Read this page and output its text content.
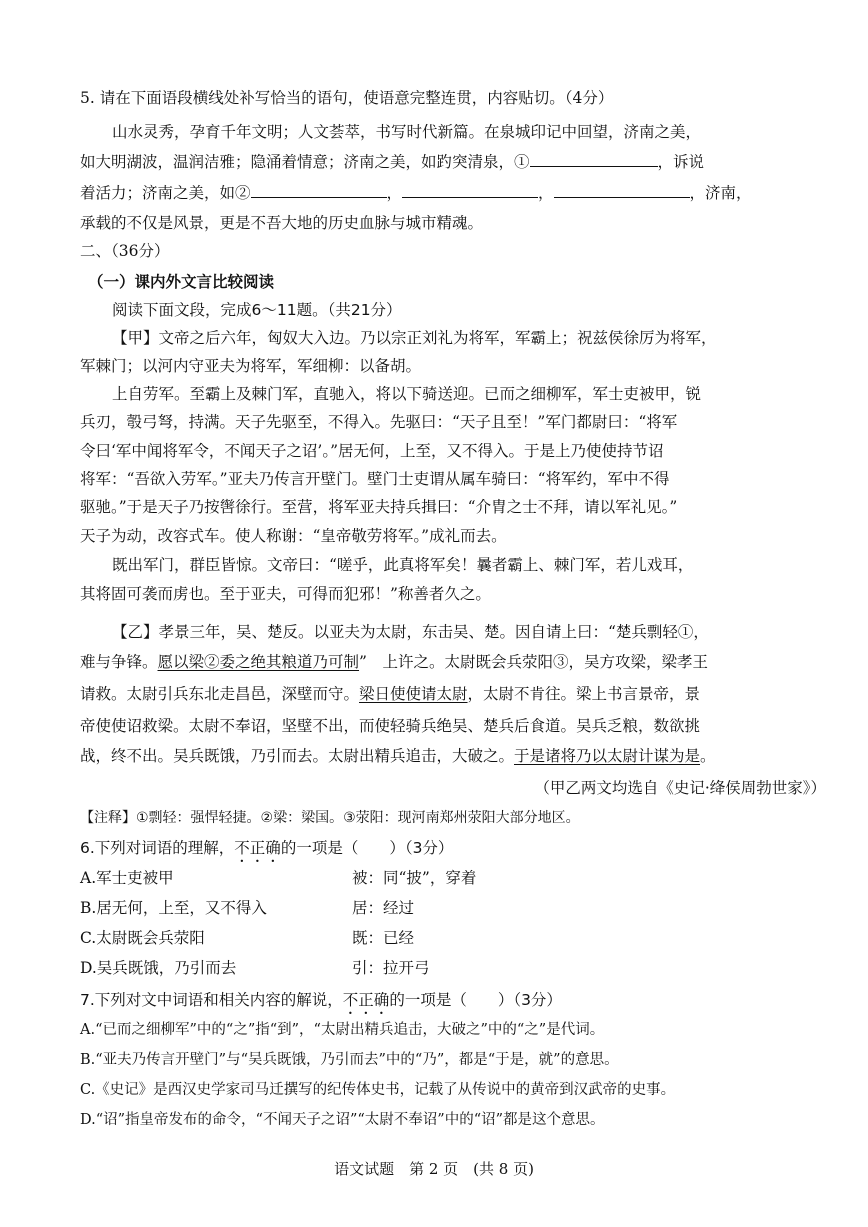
5. 请在下面语段横线处补写恰当的语句，使语意完整连贯，内容贴切。（4分）
山水灵秀，孕育千年文明；人文荟萃，书写时代新篇。在泉城印记中回望，济南之美，
如大明湖波，温润洁雅；隐涌着情意；济南之美，如趵突清泉，①	，诉说
着活力；济南之美，如②	，	，	，济南，
承载的不仅是风景，更是不吾大地的历史血脉与城市精魂。
二、（36分）
（一）课内外文言比较阅读
阅读下面文段，完成6～11题。（共21分）
【甲】文帝之后六年，匈奴大入边。乃以宗正刘礼为将军，军霸上；祝兹侯徐厉为将军，
军棘门；以河内守亚夫为将军，军细柳：以备胡。
上自劳军。至霸上及棘门军，直驰入，将以下骑送迎。已而之细柳军，军士吏被甲，锐
兵刃，彀弓弩，持满。天子先驱至，不得入。先驱曰：“天子且至！”军门都尉曰：“将军
令曰‘军中闻将军令，不闻天子之诏’。”居无何，上至，又不得入。于是上乃使使持节诏
将军：“吾欲入劳军。”亚夫乃传言开壁门。壁门士吏谓从属车骑曰：“将军约，军中不得
驱驰。”于是天子乃按辔徐行。至营，将军亚夫持兵揖曰：“介胄之士不拜，请以军礼见。”
天子为动，改容式车。使人称谢：“皇帝敬劳将军。”成礼而去。
既出军门，群臣皆惊。文帝曰：“嗟乎，此真将军矣！曩者霸上、棘门军，若儿戏耳，
其将固可袭而虏也。至于亚夫，可得而犯邪！”称善者久之。
【乙】孝景三年，吴、楚反。以亚夫为太尉，东击吴、楚。因自请上曰：“楚兵剽轻①，
难与争锋。愿以梁②委之绝其粮道乃可制”　上许之。太尉既会兵荥阳③，吴方攻梁，梁孝王
请救。太尉引兵东北走昌邑，深壁而守。梁日使使请太尉，太尉不肯往。梁上书言景帝，景
帝使使诏救梁。太尉不奉诏，坚壁不出，而使轻骑兵绝吴、楚兵后食道。吴兵乏粮，数欲挑
战，终不出。吴兵既饿，乃引而去。太尉出精兵追击，大破之。于是诸将乃以太尉计谋为是。
（甲乙两文均选自《史记·绛侯周勃世家》）
【注释】①剽轻：强悍轻捷。②梁：梁国。③荥阳：现河南郑州荥阳大部分地区。
6.下列对词语的理解，不正确的一项是（　　）（3分）
A.军士吏被甲	被：同“披”，穿着
B.居无何，上至，又不得入	居：经过
C.太尉既会兵荥阳	既：已经
D.吴兵既饿，乃引而去	引：拉开弓
7.下列对文中词语和相关内容的解说，不正确的一项是（　　）（3分）
A.“已而之细柳军”中的“之”指“到”，“太尉出精兵追击，大破之”中的“之”是代词。
B.“亚夫乃传言开壁门”与“吴兵既饿，乃引而去”中的“乃”，都是“于是，就”的意思。
C.《史记》是西汉史学家司马迁撰写的纪传体史书，记载了从传说中的黄帝到汉武帝的史事。
D.“诏”指皇帝发布的命令，“不闻天子之诏”“太尉不奉诏”中的“诏”都是这个意思。
语文试题　第 2 页　(共 8 页)
